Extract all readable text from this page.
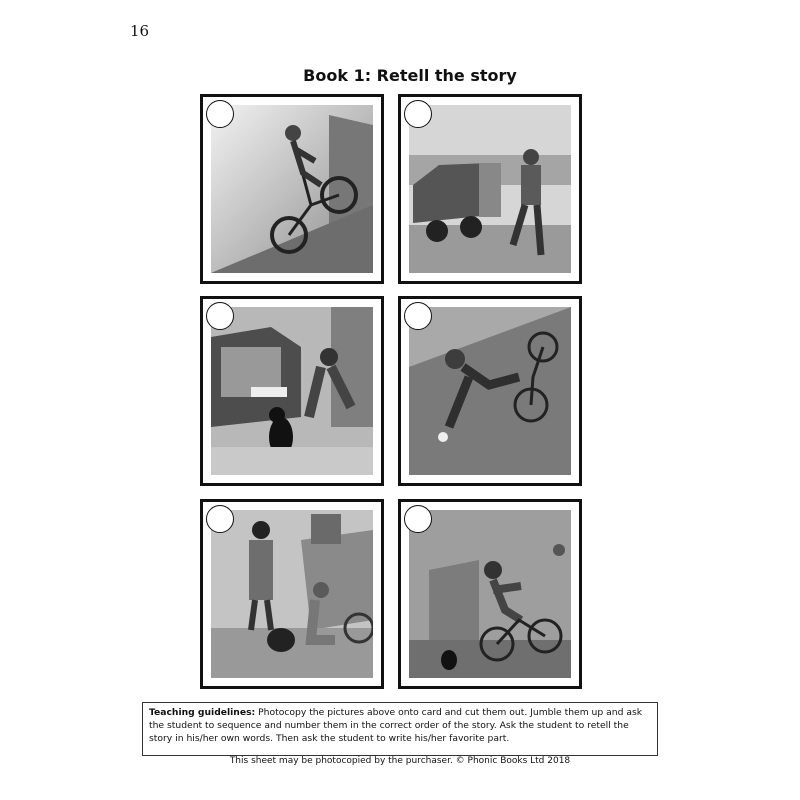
16
Book 1: Retell the story
Teaching guidelines: Photocopy the pictures above onto card and cut them out. Jumble them up and ask the student to sequence and number them in the correct order of the story. Ask the student to retell the story in his/her own words. Then ask the student to write his/her favorite part.
This sheet may be photocopied by the purchaser. © Phonic Books Ltd 2018
